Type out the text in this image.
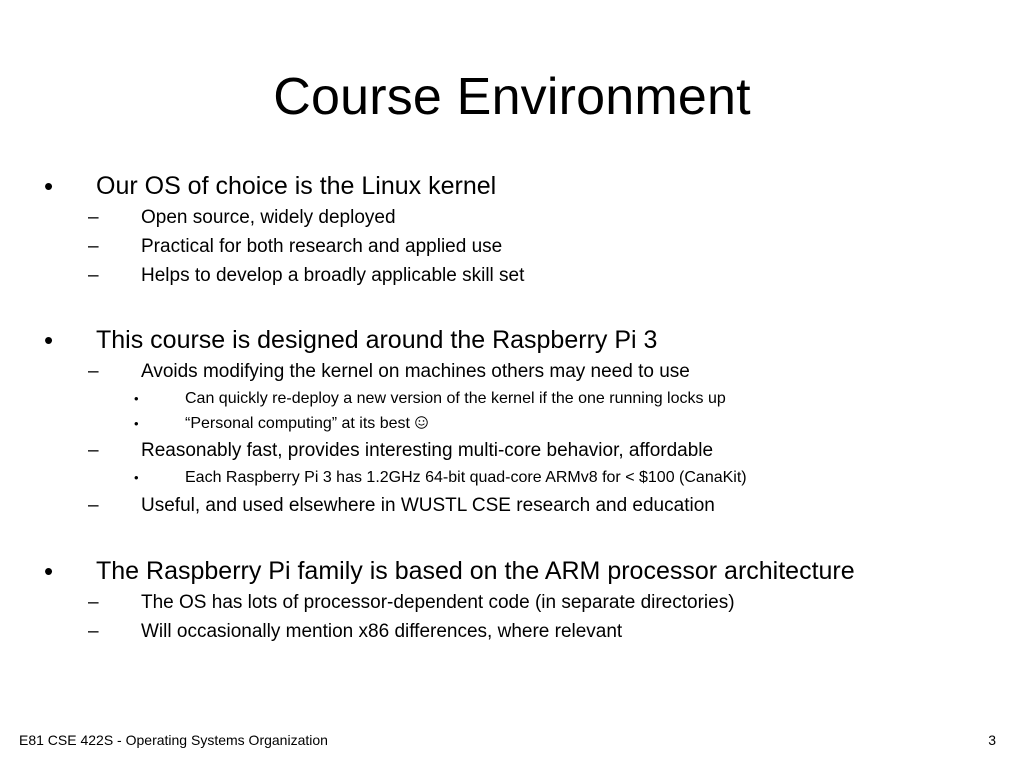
Course Environment
• Our OS of choice is the Linux kernel
– Open source, widely deployed
– Practical for both research and applied use
– Helps to develop a broadly applicable skill set
• This course is designed around the Raspberry Pi 3
– Avoids modifying the kernel on machines others may need to use
•	Can quickly re-deploy a new version of the kernel if the one running locks up
•	“Personal computing” at its best
– Reasonably fast, provides interesting multi-core behavior, affordable
•	Each Raspberry Pi 3 has 1.2GHz 64-bit quad-core ARMv8 for < $100 (CanaKit)
– Useful, and used elsewhere in WUSTL CSE research and education
• The Raspberry Pi family is based on the ARM processor architecture
– The OS has lots of processor-dependent code (in separate directories)
– Will occasionally mention x86 differences, where relevant
E81 CSE 422S - Operating Systems Organization	3
